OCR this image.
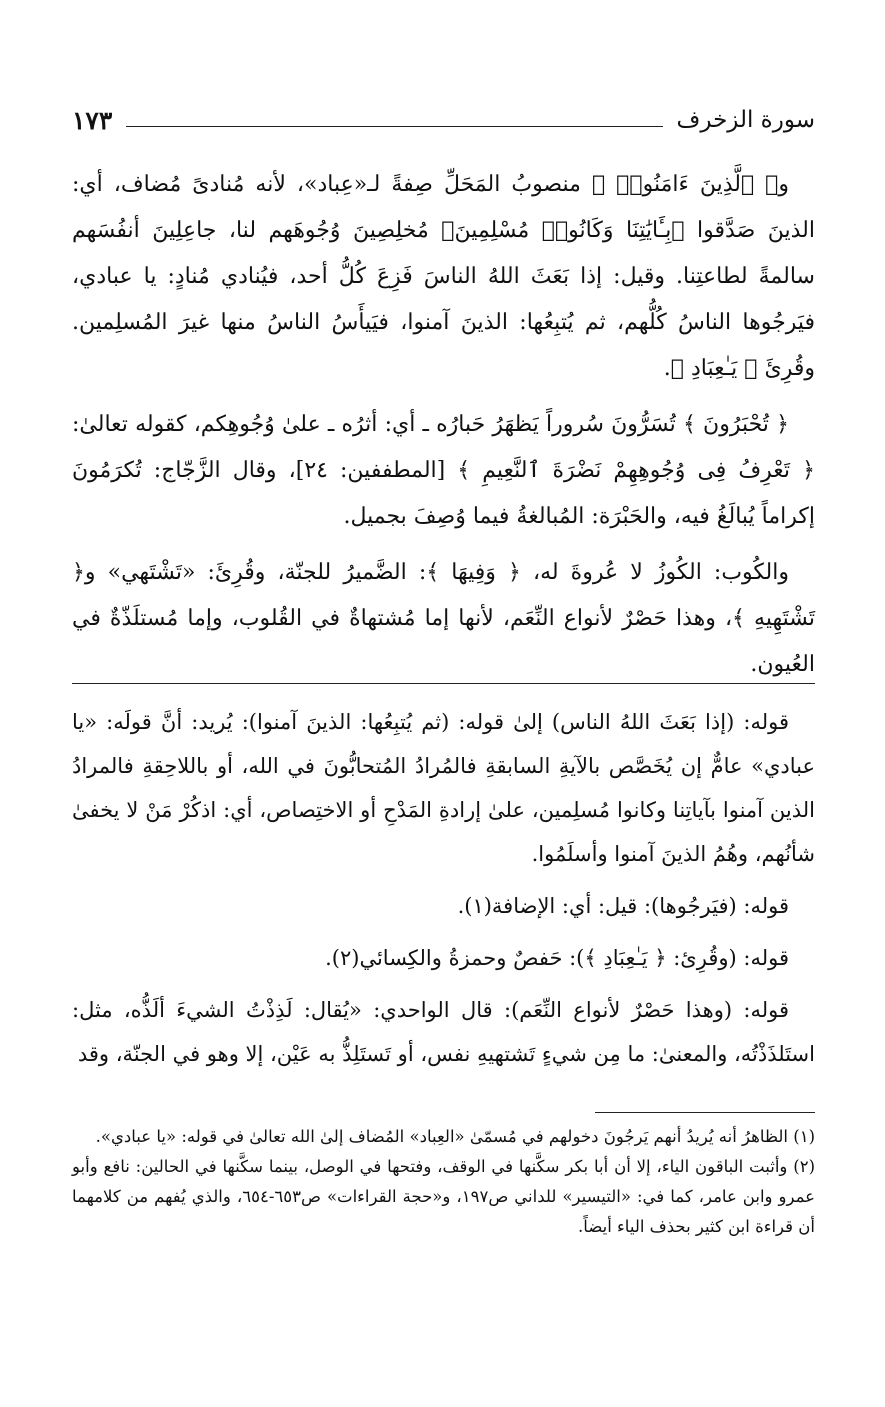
سورة الزخرف
١٧٣

و﴿ ٱلَّذِينَ ءَامَنُوا۟ ﴾ منصوبُ المَحَلِّ صِفةً لـ«عِباد»، لأنه مُنادىً مُضاف، أي: الذينَ صَدَّقوا ﴿بِـَٔايَٰتِنَا وَكَانُوا۟ مُسْلِمِينَ﴾ مُخلِصِينَ وُجُوهَهم لنا، جاعِلِينَ أنفُسَهم سالمةً لطاعتِنا. وقيل: إذا بَعَثَ اللهُ الناسَ فَزِعَ كُلُّ أحد، فيُنادي مُنادٍ: يا عبادي، فيَرجُوها الناسُ كُلُّهم، ثم يُتبِعُها: الذينَ آمنوا، فيَيأَسُ الناسُ منها غيرَ المُسلِمين. وقُرِئَ ﴿ يَـٰعِبَادِ ﴾.

﴿ تُحْبَرُونَ ﴾ تُسَرُّونَ سُروراً يَظهَرُ حَبارُه ـ أي: أثرُه ـ علىٰ وُجُوهِكم، كقوله تعالىٰ: ﴿ تَعْرِفُ فِى وُجُوهِهِمْ نَضْرَةَ ٱلنَّعِيمِ ﴾ [المطففين: ٢٤]، وقال الزَّجّاج: تُكرَمُونَ إكراماً يُبالَغُ فيه، والحَبْرَة: المُبالغةُ فيما وُصِفَ بجميل.

والكُوب: الكُوزُ لا عُروةَ له، ﴿ وَفِيهَا ﴾: الضَّميرُ للجنّة، وقُرِئَ: «تَشْتَهي» و﴿ تَشْتَهِيهِ ﴾، وهذا حَصْرٌ لأنواع النِّعَم، لأنها إما مُشتهاةٌ في القُلوب، وإما مُستلَذّةٌ في العُيون.

قوله: (إذا بَعَثَ اللهُ الناس) إلىٰ قوله: (ثم يُتبِعُها: الذينَ آمنوا): يُريد: أنَّ قولَه: «يا عبادي» عامٌّ إن يُخَصَّص بالآيةِ السابقةِ فالمُرادُ المُتحابُّونَ في الله، أو باللاحِقةِ فالمرادُ الذين آمنوا بآياتِنا وكانوا مُسلِمين، علىٰ إرادةِ المَدْحِ أو الاختِصاص، أي: اذكُرْ مَنْ لا يخفىٰ شأنُهم، وهُمُ الذينَ آمنوا وأسلَمُوا.

قوله: (فيَرجُوها): قيل: أي: الإضافة(١).

قوله: (وقُرِئ: ﴿ يَـٰعِبَادِ ﴾): حَفصٌ وحمزةُ والكِسائي(٢).

قوله: (وهذا حَصْرٌ لأنواع النِّعَم): قال الواحدي: «يُقال: لَذِذْتُ الشيءَ ألَذُّه، مثل: استَلذَذْتُه، والمعنىٰ: ما مِن شيءٍ تَشتهيهِ نفس، أو تَستَلِذُّ به عَيْن، إلا وهو في الجنّة، وقد

(١) الظاهرُ أنه يُريدُ أنهم يَرجُونَ دخولهم في مُسمّىٰ «العِباد» المُضاف إلىٰ الله تعالىٰ في قوله: «يا عبادي».

(٢) وأثبت الباقون الياء، إلا أن أبا بكر سكَّنها في الوقف، وفتحها في الوصل، بينما سكَّنها في الحالين: نافع وأبو عمرو وابن عامر، كما في: «التيسير» للداني ص١٩٧، و«حجة القراءات» ص٦٥٣-٦٥٤، والذي يُفهم من كلامهما أن قراءة ابن كثير بحذف الياء أيضاً.
